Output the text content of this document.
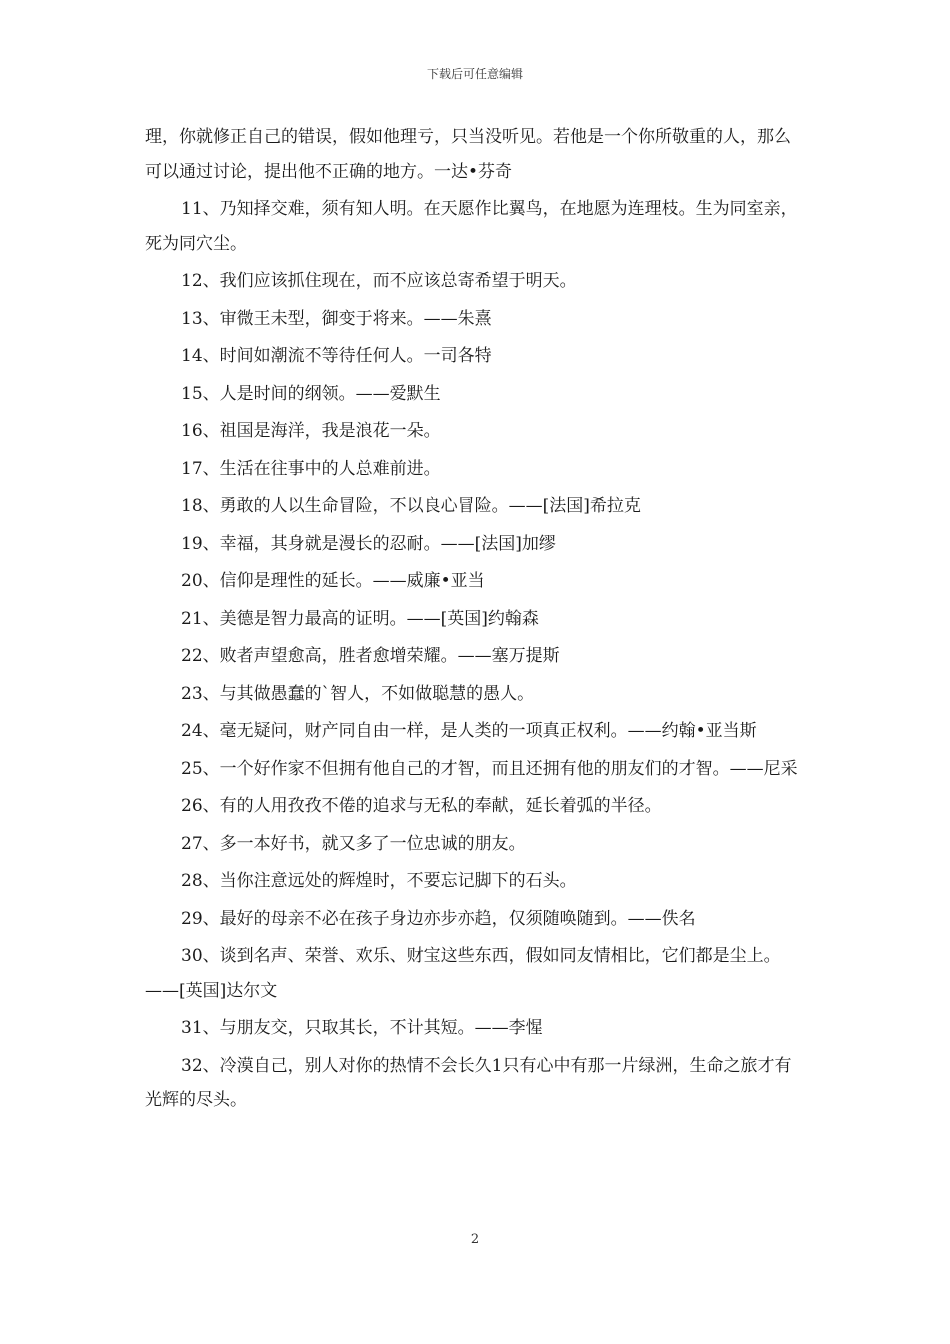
下载后可任意编辑

理，你就修正自己的错误，假如他理亏，只当没听见。若他是一个你所敬重的人，那么可以通过讨论，提出他不正确的地方。一达•芬奇

11、乃知择交难，须有知人明。在天愿作比翼鸟，在地愿为连理枝。生为同室亲，死为同穴尘。

12、我们应该抓住现在，而不应该总寄希望于明天。

13、审微王未型，御变于将来。——朱熹

14、时间如潮流不等待任何人。一司各特

15、人是时间的纲领。——爱默生

16、祖国是海洋，我是浪花一朵。

17、生活在往事中的人总难前进。

18、勇敢的人以生命冒险，不以良心冒险。——[法国]希拉克

19、幸福，其身就是漫长的忍耐。——[法国]加缪

20、信仰是理性的延长。——威廉•亚当

21、美德是智力最高的证明。——[英国]约翰森

22、败者声望愈高，胜者愈增荣耀。——塞万提斯

23、与其做愚蠢的`智人，不如做聪慧的愚人。

24、毫无疑问，财产同自由一样，是人类的一项真正权利。——约翰•亚当斯

25、一个好作家不但拥有他自己的才智，而且还拥有他的朋友们的才智。——尼采

26、有的人用孜孜不倦的追求与无私的奉献，延长着弧的半径。

27、多一本好书，就又多了一位忠诚的朋友。

28、当你注意远处的辉煌时，不要忘记脚下的石头。

29、最好的母亲不必在孩子身边亦步亦趋，仅须随唤随到。——佚名

30、谈到名声、荣誉、欢乐、财宝这些东西，假如同友情相比，它们都是尘上。——[英国]达尔文

31、与朋友交，只取其长，不计其短。——李惺

32、冷漠自己，别人对你的热情不会长久1只有心中有那一片绿洲，生命之旅才有光辉的尽头。

2
